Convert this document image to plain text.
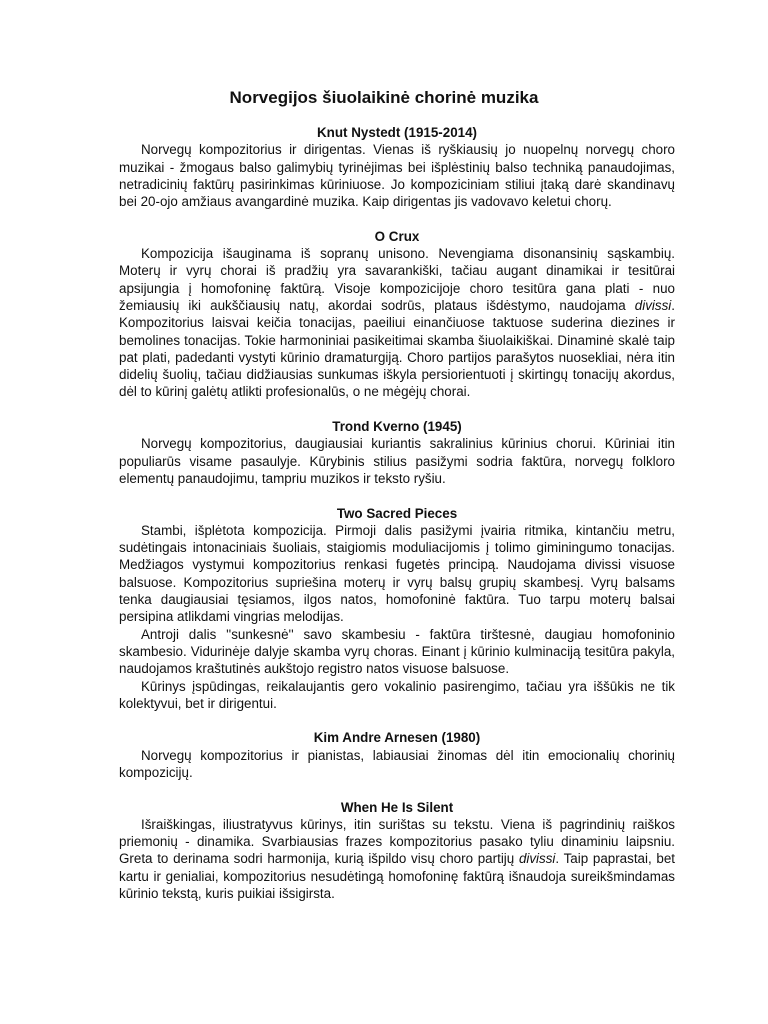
Norvegijos šiuolaikinė chorinė muzika

Knut Nystedt (1915-2014)

Norvegų kompozitorius ir dirigentas. Vienas iš ryškiausių jo nuopelnų norvegų choro muzikai - žmogaus balso galimybių tyrinėjimas bei išplėstinių balso techniką panaudojimas, netradicinių faktūrų pasirinkimas kūriniuose. Jo kompoziciniam stiliui įtaką darė skandinavų bei 20-ojo amžiaus avangardinė muzika. Kaip dirigentas jis vadovavo keletui chorų.

O Crux

Kompozicija išauginama iš sopranų unisono. Nevengiama disonansinių sąskambių. Moterų ir vyrų chorai iš pradžių yra savarankiški, tačiau augant dinamikai ir tesitūrai apsijungia į homofoninę faktūrą. Visoje kompozicijoje choro tesitūra gana plati - nuo žemiausių iki aukščiausių natų, akordai sodrūs, plataus išdėstymo, naudojama divissi. Kompozitorius laisvai keičia tonacijas, paeiliui einančiuose taktuose suderina diezines ir bemolines tonacijas. Tokie harmoniniai pasikeitimai skamba šiuolaikiškai. Dinaminė skalė taip pat plati, padedanti vystyti kūrinio dramaturgiją. Choro partijos parašytos nuosekliai, nėra itin didelių šuolių, tačiau didžiausias sunkumas iškyla persiorientuoti į skirtingų tonacijų akordus, dėl to kūrinį galėtų atlikti profesionalūs, o ne mėgėjų chorai.

Trond Kverno (1945)

Norvegų kompozitorius, daugiausiai kuriantis sakralinius kūrinius chorui. Kūriniai itin populiarūs visame pasaulyje. Kūrybinis stilius pasižymi sodria faktūra, norvegų folkloro elementų panaudojimu, tampriu muzikos ir teksto ryšiu.

Two Sacred Pieces

Stambi, išplėtota kompozicija. Pirmoji dalis pasižymi įvairia ritmika, kintančiu metru, sudėtingais intonaciniais šuoliais, staigiomis moduliacijomis į tolimo giminingumo tonacijas. Medžiagos vystymui kompozitorius renkasi fugetės principą. Naudojama divissi visuose balsuose. Kompozitorius supriešina moterų ir vyrų balsų grupių skambesį. Vyrų balsams tenka daugiausiai tęsiamos, ilgos natos, homofoninė faktūra. Tuo tarpu moterų balsai persipina atlikdami vingrias melodijas.

Antroji dalis ''sunkesnė'' savo skambesiu - faktūra tirštesnė, daugiau homofoninio skambesio. Vidurinėje dalyje skamba vyrų choras. Einant į kūrinio kulminaciją tesitūra pakyla, naudojamos kraštutinės aukštojo registro natos visuose balsuose.

Kūrinys įspūdingas, reikalaujantis gero vokalinio pasirengimo, tačiau yra iššūkis ne tik kolektyvui, bet ir dirigentui.

Kim Andre Arnesen (1980)

Norvegų kompozitorius ir pianistas, labiausiai žinomas dėl itin emocionalių chorinių kompozicijų.

When He Is Silent

Išraiškingas, iliustratyvus kūrinys, itin surištas su tekstu. Viena iš pagrindinių raiškos priemonių - dinamika. Svarbiausias frazes kompozitorius pasako tyliu dinaminiu laipsniu. Greta to derinama sodri harmonija, kurią išpildo visų choro partijų divissi. Taip paprastai, bet kartu ir genialiai, kompozitorius nesudėtingą homofoninę faktūrą išnaudoja sureikšmindamas kūrinio tekstą, kuris puikiai išsigirsta.
